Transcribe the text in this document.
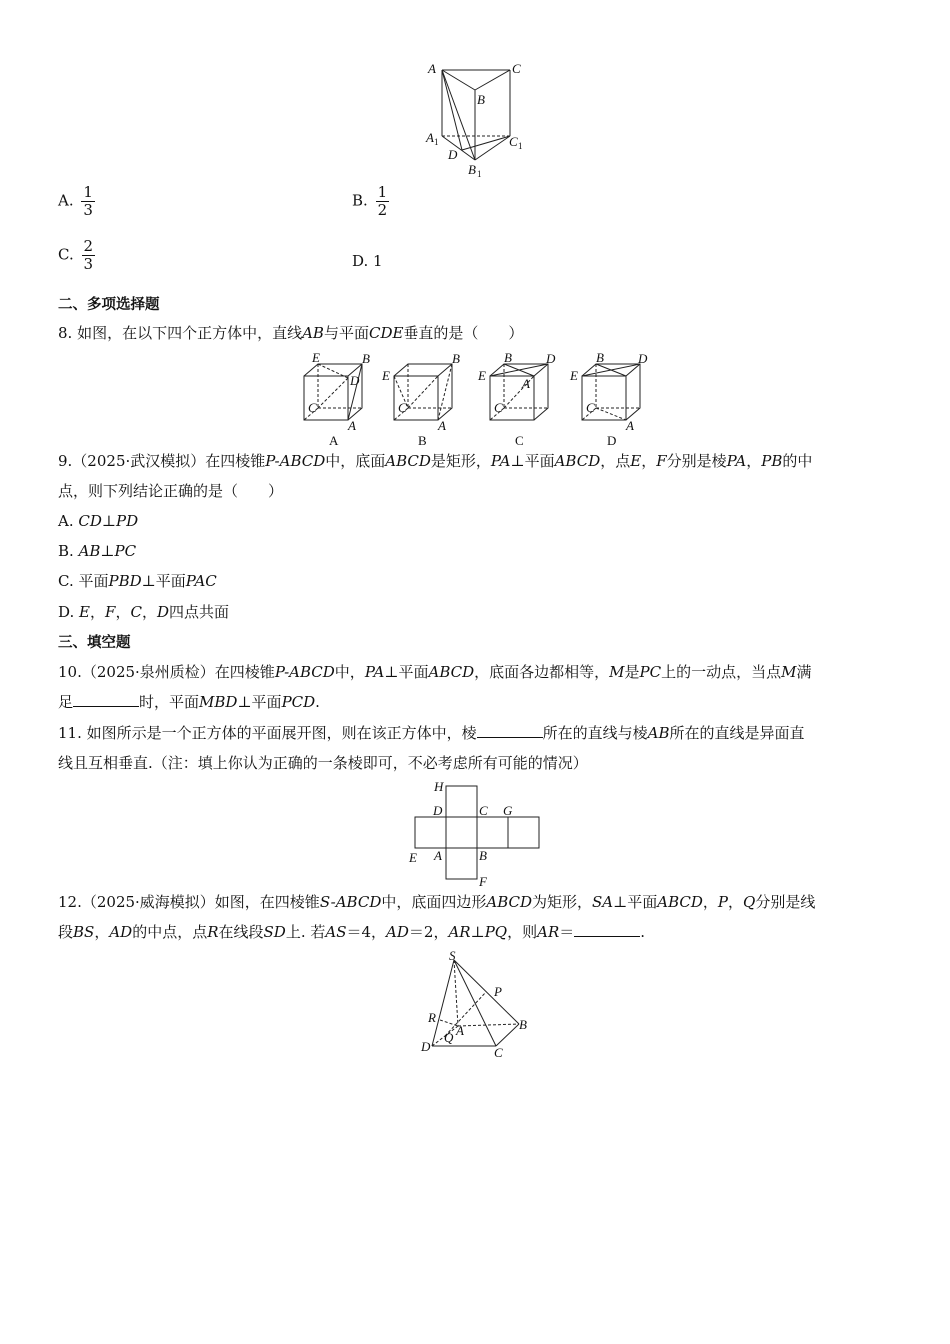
A	C
B
A 1	C 1
D
B 1
A. $\frac{1}{3}$	B. $\frac{1}{2}$
C. $\frac{2}{3}$	D. 1
二、多项选择题
8. 如图，在以下四个正方体中，直线AB与平面CDE垂直的是（　　）
E	B
D
C
A
A
E
B
C
A
B
E
B	D
C
A
C
E
B	D
C
A
D
9.（2025·武汉模拟）在四棱锥P-ABCD中，底面ABCD是矩形，PA⊥平面ABCD，点E，F分别是棱PA，PB的中
点，则下列结论正确的是（　　）
A. CD⊥PD
B. AB⊥PC
C. 平面PBD⊥平面PAC
D. E，F，C，D四点共面
三、填空题
10.（2025·泉州质检）在四棱锥P-ABCD中，PA⊥平面ABCD，底面各边都相等，M是PC上的一动点，当点M满
足	时，平面MBD⊥平面PCD.
11. 如图所示是一个正方体的平面展开图，则在该正方体中，棱	所在的直线与棱AB所在的直线是异面直
线且互相垂直.（注：填上你认为正确的一条棱即可，不必考虑所有可能的情况）
H
D	C G
E A	B
F
12.（2025·威海模拟）如图，在四棱锥S-ABCD中，底面四边形ABCD为矩形，SA⊥平面ABCD，P，Q分别是线
段BS，AD的中点，点R在线段SD上. 若AS＝4，AD＝2，AR⊥PQ，则AR＝	.
S
P
R
A	B
Q
D	C
